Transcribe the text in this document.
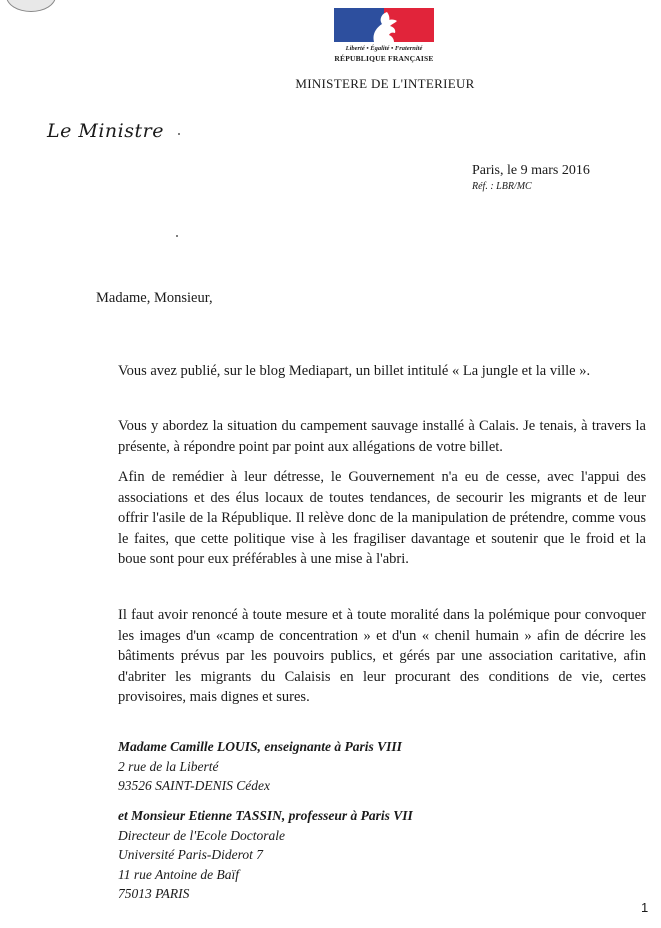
Liberté • Égalité • Fraternité
RÉPUBLIQUE FRANÇAISE
MINISTERE DE L'INTERIEUR
Le Ministre
Paris, le 9 mars 2016
Réf. : LBR/MC
Madame, Monsieur,

Vous avez publié, sur le blog Mediapart, un billet intitulé « La jungle et la ville ».

Vous y abordez la situation du campement sauvage installé à Calais. Je tenais, à travers la présente, à répondre point par point aux allégations de votre billet.

Afin de remédier à leur détresse, le Gouvernement n'a eu de cesse, avec l'appui des associations et des élus locaux de toutes tendances, de secourir les migrants et de leur offrir l'asile de la République. Il relève donc de la manipulation de prétendre, comme vous le faites, que cette politique vise à les fragiliser davantage et soutenir que le froid et la boue sont pour eux préférables à une mise à l'abri.

Il faut avoir renoncé à toute mesure et à toute moralité dans la polémique pour convoquer les images d'un «camp de concentration » et d'un « chenil humain » afin de décrire les bâtiments prévus par les pouvoirs publics, et gérés par une association caritative, afin d'abriter les migrants du Calaisis en leur procurant des conditions de vie, certes provisoires, mais dignes et sures.

Madame Camille LOUIS, enseignante à Paris VIII
2 rue de la Liberté
93526 SAINT-DENIS Cédex
et Monsieur Etienne TASSIN, professeur à Paris VII
Directeur de l'Ecole Doctorale
Université Paris-Diderot 7
11 rue Antoine de Baïf
75013 PARIS
1
